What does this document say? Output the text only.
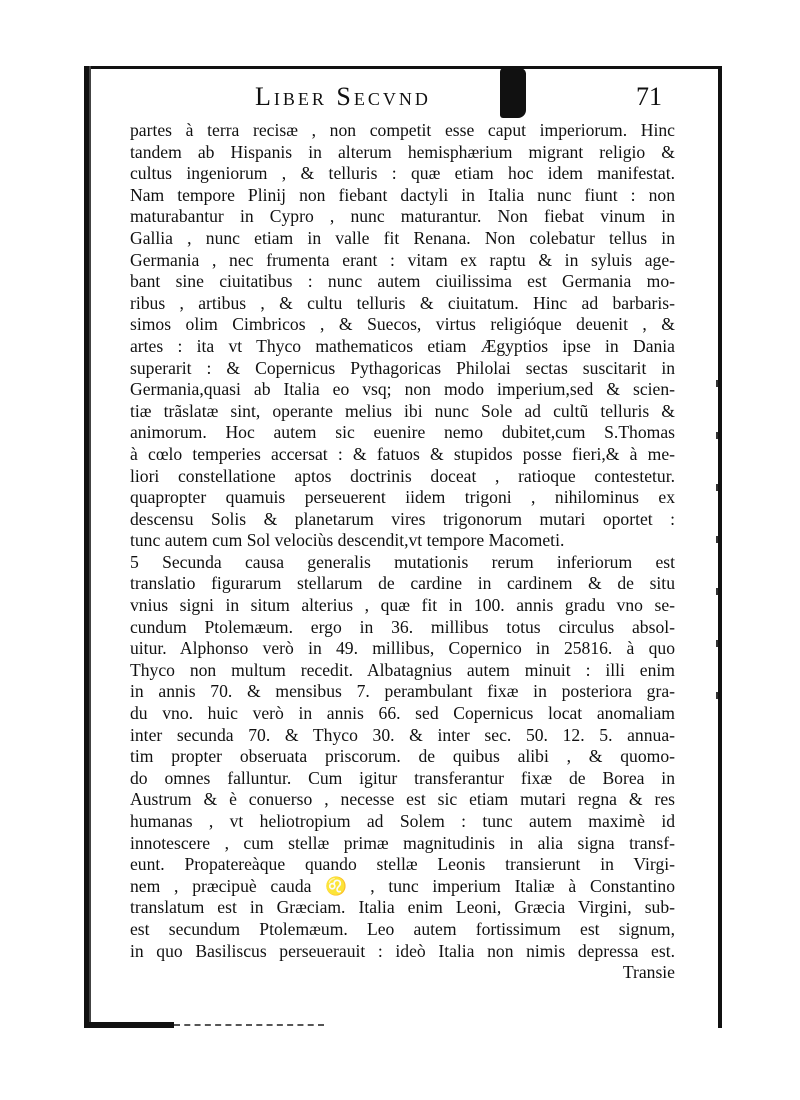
Liber Secvnd	71
partes à terra recisæ , non competit esse caput imperiorum. Hinc
tandem ab Hispanis in alterum hemisphærium migrant religio &
cultus ingeniorum , & telluris : quæ etiam hoc idem manifestat.
Nam tempore Plinij non fiebant dactyli in Italia nunc fiunt : non
maturabantur in Cypro , nunc maturantur. Non fiebat vinum in
Gallia , nunc etiam in valle fit Renana. Non colebatur tellus in
Germania , nec frumenta erant : vitam ex raptu & in syluis age-
bant sine ciuitatibus : nunc autem ciuilissima est Germania mo-
ribus , artibus , & cultu telluris & ciuitatum. Hinc ad barbaris-
simos olim Cimbricos , & Suecos, virtus religióque deuenit , &
artes : ita vt Thyco mathematicos etiam Ægyptios ipse in Dania
superarit : & Copernicus Pythagoricas Philolai sectas suscitarit in
Germania,quasi ab Italia eo vsq; non modo imperium,sed & scien-
tiæ trãslatæ sint, operante melius ibi nunc Sole ad cultũ telluris &
animorum. Hoc autem sic euenire nemo dubitet,cum S.Thomas
à cœlo temperies accersat : & fatuos & stupidos posse fieri,& à me-
liori constellatione aptos doctrinis doceat , ratioque contestetur.
quapropter quamuis perseuerent iidem trigoni , nihilominus ex
descensu Solis & planetarum vires trigonorum mutari oportet :
tunc autem cum Sol velociùs descendit,vt tempore Macometi.
5 Secunda causa generalis mutationis rerum inferiorum est
translatio figurarum stellarum de cardine in cardinem & de situ
vnius signi in situm alterius , quæ fit in 100. annis gradu vno se-
cundum Ptolemæum. ergo in 36. millibus totus circulus absol-
uitur. Alphonso verò in 49. millibus, Copernico in 25816. à quo
Thyco non multum recedit. Albatagnius autem minuit : illi enim
in annis 70. & mensibus 7. perambulant fixæ in posteriora gra-
du vno. huic verò in annis 66. sed Copernicus locat anomaliam
inter secunda 70. & Thyco 30. & inter sec. 50. 12. 5. annua-
tim propter obseruata priscorum. de quibus alibi , & quomo-
do omnes falluntur. Cum igitur transferantur fixæ de Borea in
Austrum & è conuerso , necesse est sic etiam mutari regna & res
humanas , vt heliotropium ad Solem : tunc autem maximè id
innotescere , cum stellæ primæ magnitudinis in alia signa transf-
eunt. Propatereàque quando stellæ Leonis transierunt in Virgi-
nem , præcipuè cauda ♌ , tunc imperium Italiæ à Constantino
translatum est in Græciam. Italia enim Leoni, Græcia Virgini, sub-
est secundum Ptolemæum. Leo autem fortissimum est signum,
in quo Basiliscus perseuerauit : ideò Italia non nimis depressa est.
Transie
